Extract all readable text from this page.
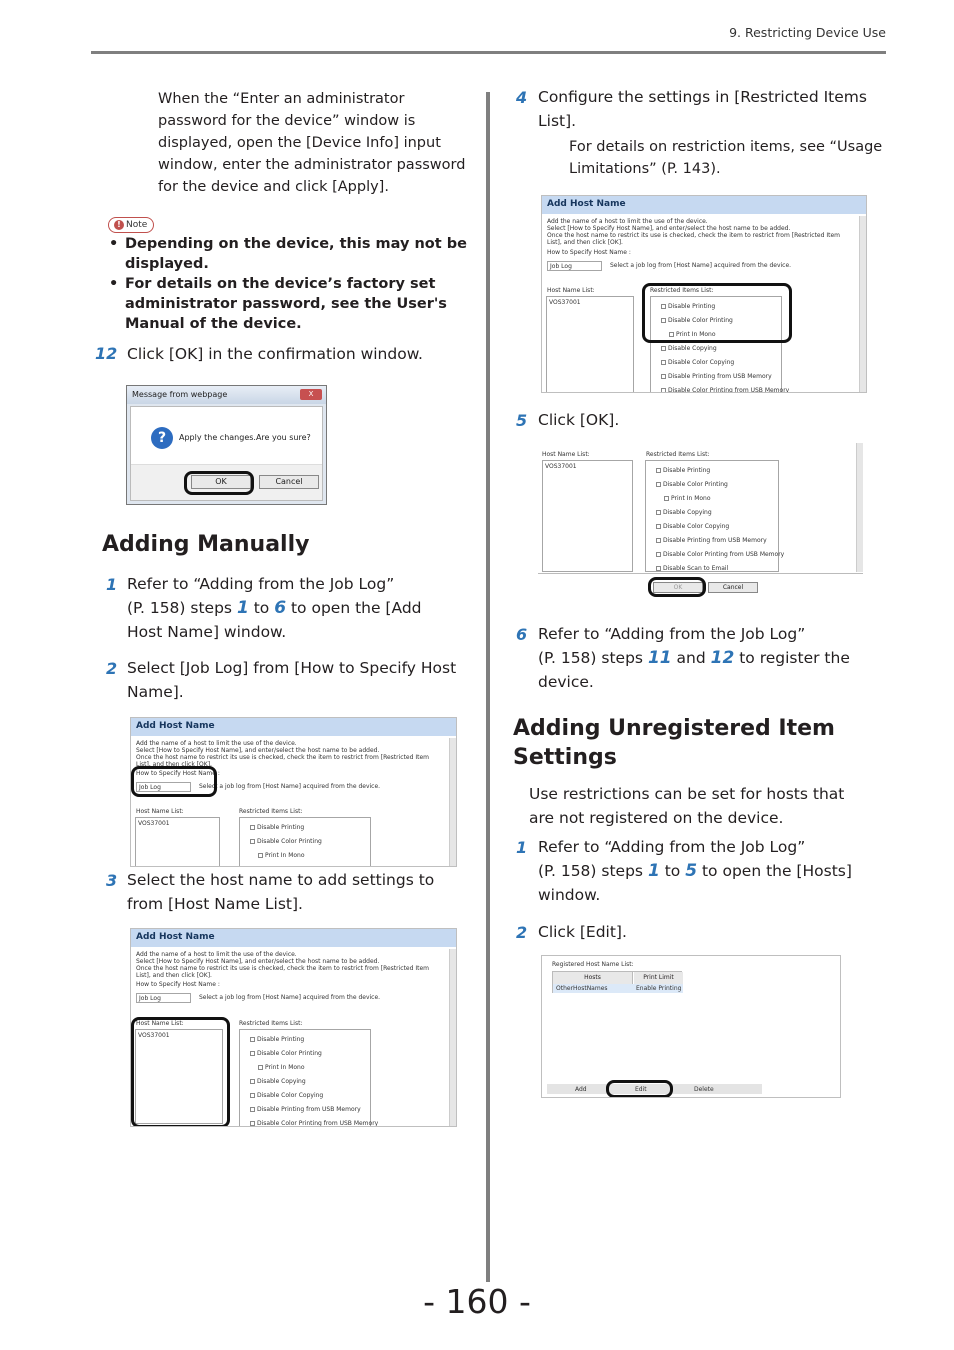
9. Restricting Device Use
When the “Enter an administrator password for the device” window is displayed, open the [Device Info] input window, enter the administrator password for the device and click [Apply].
! Note
• Depending on the device, this may not be displayed.
• For details on the device’s factory set administrator password, see the User's Manual of the device.
12 Click [OK] in the confirmation window.
Message from webpage	X
?	Apply the changes.Are you sure?
OK	Cancel
Adding Manually
1 Refer to “Adding from the Job Log”
(P. 158) steps 1 to 6 to open the [Add
Host Name] window.
2 Select [Job Log] from [How to Specify Host Name].
Add Host Name
Add the name of a host to limit the use of the device.
Select [How to Specify Host Name], and enter/select the host name to be added.
Once the host name to restrict its use is checked, check the item to restrict from [Restricted Item List], and then click [OK].
How to Specify Host Name :
Job Log	Select a job log from [Host Name] acquired from the device.
Host Name List:	Restricted Items List:
VOS37001
Disable Printing
Disable Color Printing
Print In Mono
3 Select the host name to add settings to from [Host Name List].
Add Host Name
Add the name of a host to limit the use of the device.
Select [How to Specify Host Name], and enter/select the host name to be added.
Once the host name to restrict its use is checked, check the item to restrict from [Restricted Item List], and then click [OK].
How to Specify Host Name :
Job Log	Select a job log from [Host Name] acquired from the device.
Host Name List:	Restricted Items List:
VOS37001
Disable Printing
Disable Color Printing
Print In Mono
Disable Copying
Disable Color Copying
Disable Printing from USB Memory
Disable Color Printing from USB Memory
4 Configure the settings in [Restricted Items List].
For details on restriction items, see “Usage Limitations” (P. 143).
Add Host Name
Add the name of a host to limit the use of the device.
Select [How to Specify Host Name], and enter/select the host name to be added.
Once the host name to restrict its use is checked, check the item to restrict from [Restricted Item List], and then click [OK].
How to Specify Host Name :
Job Log	Select a job log from [Host Name] acquired from the device.
Host Name List:	Restricted Items List:
VOS37001
Disable Printing
Disable Color Printing
Print In Mono
Disable Copying
Disable Color Copying
Disable Printing from USB Memory
Disable Color Printing from USB Memory
5 Click [OK].
Host Name List:	Restricted Items List:
VOS37001
Disable Printing
Disable Color Printing
Print In Mono
Disable Copying
Disable Color Copying
Disable Printing from USB Memory
Disable Color Printing from USB Memory
Disable Scan to Email
OK	Cancel
6 Refer to “Adding from the Job Log”
(P. 158) steps 11 and 12 to register the
device.
Adding Unregistered Item Settings
Use restrictions can be set for hosts that are not registered on the device.
1 Refer to “Adding from the Job Log”
(P. 158) steps 1 to 5 to open the [Hosts]
window.
2 Click [Edit].
Registered Host Name List:
Hosts	Print Limit
OtherHostNames	Enable Printing
Add	Edit	Delete
- 160 -
